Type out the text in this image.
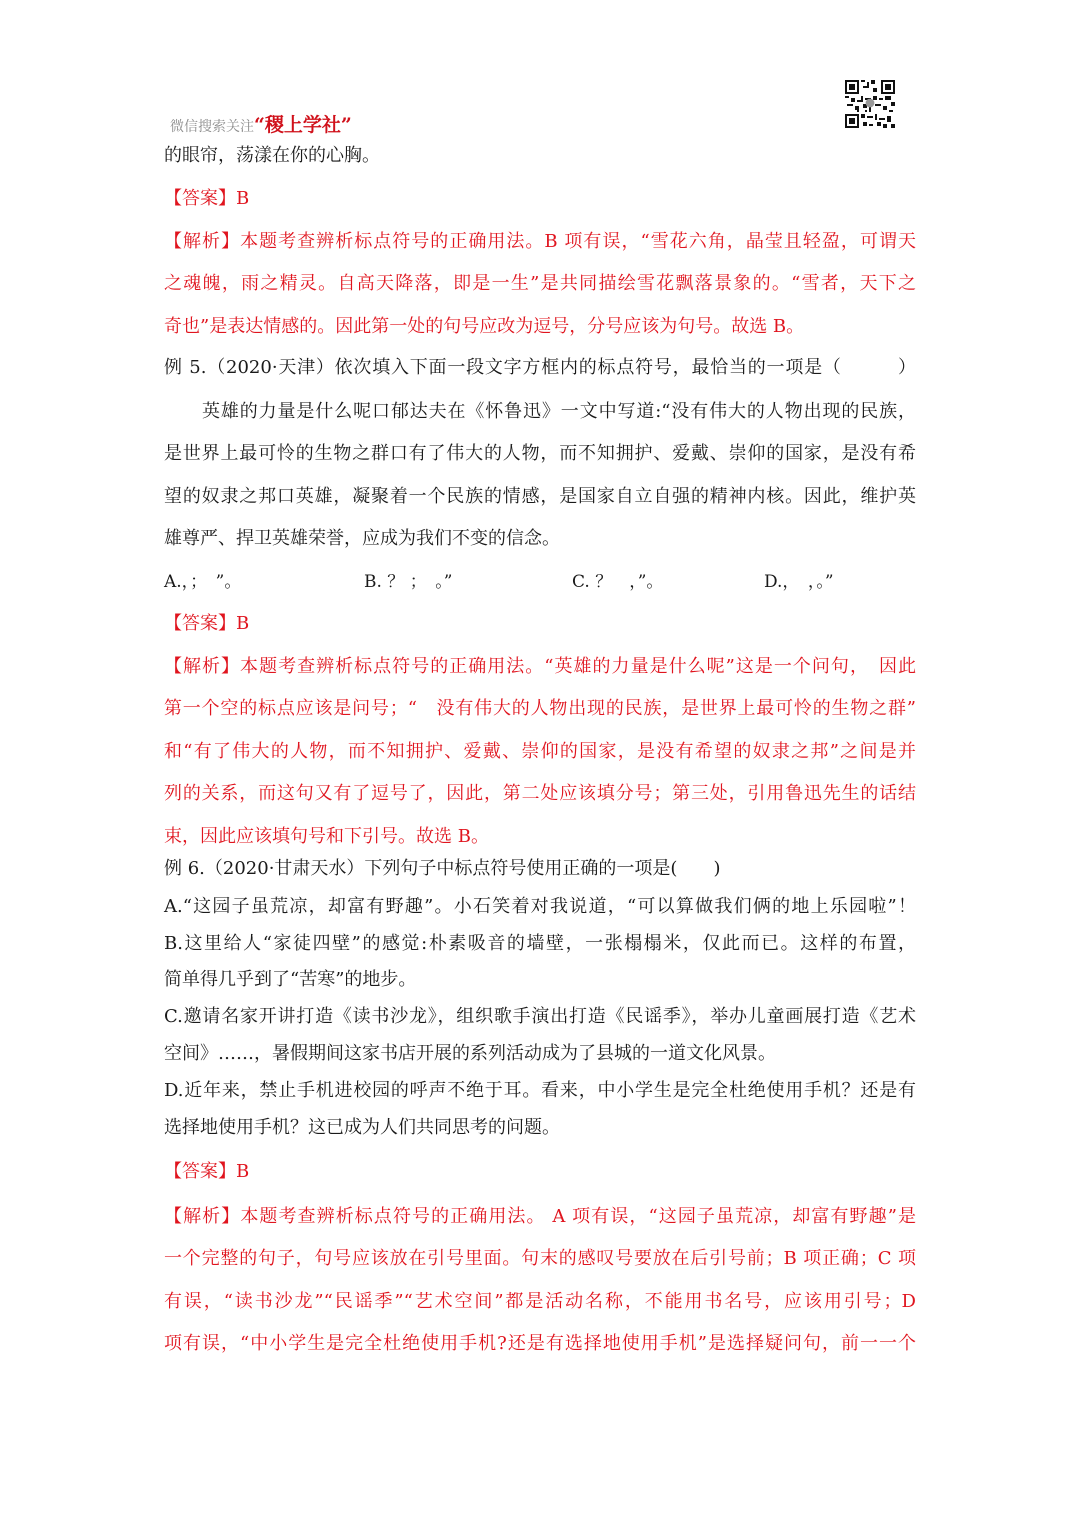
微信搜索关注“稷上学社”
的眼帘，荡漾在你的心胸。
【答案】B
【解析】本题考查辨析标点符号的正确用法。B 项有误，“雪花六角，晶莹且轻盈，可谓天
之魂魄，雨之精灵。自高天降落，即是一生”是共同描绘雪花飘落景象的。“雪者，天下之
奇也”是表达情感的。因此第一处的句号应改为逗号，分号应该为句号。故选 B。
例 5.（2020·天津）依次填入下面一段文字方框内的标点符号，最恰当的一项是（　　　）
英雄的力量是什么呢口郁达夫在《怀鲁迅》一文中写道:“没有伟大的人物出现的民族，
是世界上最可怜的生物之群口有了伟大的人物，而不知拥护、爱戴、崇仰的国家，是没有希
望的奴隶之邦口英雄，凝聚着一个民族的情感，是国家自立自强的精神内核。因此，维护英
雄尊严、捍卫英雄荣誉，应成为我们不变的信念。
A.，；　”。	B. ？ ；　。”	C. ？　，”。	D.，　，。”
【答案】B
【解析】本题考查辨析标点符号的正确用法。“英雄的力量是什么呢”这是一个问句，　因此
第一个空的标点应该是问号；“　没有伟大的人物出现的民族，是世界上最可怜的生物之群”
和“有了伟大的人物，而不知拥护、爱戴、崇仰的国家，是没有希望的奴隶之邦”之间是并
列的关系，而这句又有了逗号了，因此，第二处应该填分号；第三处，引用鲁迅先生的话结
束，因此应该填句号和下引号。故选 B。
例 6.（2020·甘肃天水）下列句子中标点符号使用正确的一项是(　　)
A.“这园子虽荒凉，却富有野趣”。小石笑着对我说道，“可以算做我们俩的地上乐园啦”！
B.这里给人“家徒四壁”的感觉:朴素吸音的墙壁，一张榻榻米，仅此而已。这样的布置，
简单得几乎到了“苦寒”的地步。
C.邀请名家开讲打造《读书沙龙》，组织歌手演出打造《民谣季》，举办儿童画展打造《艺术
空间》……，暑假期间这家书店开展的系列活动成为了县城的一道文化风景。
D.近年来，禁止手机进校园的呼声不绝于耳。看来，中小学生是完全杜绝使用手机？还是有
选择地使用手机？这已成为人们共同思考的问题。
【答案】B
【解析】本题考查辨析标点符号的正确用法。 A 项有误，“这园子虽荒凉，却富有野趣”是
一个完整的句子，句号应该放在引号里面。句末的感叹号要放在后引号前；B 项正确；C 项
有误，“读书沙龙”“民谣季”“艺术空间”都是活动名称，不能用书名号，应该用引号；D
项有误，“中小学生是完全杜绝使用手机?还是有选择地使用手机”是选择疑问句，前一一个
